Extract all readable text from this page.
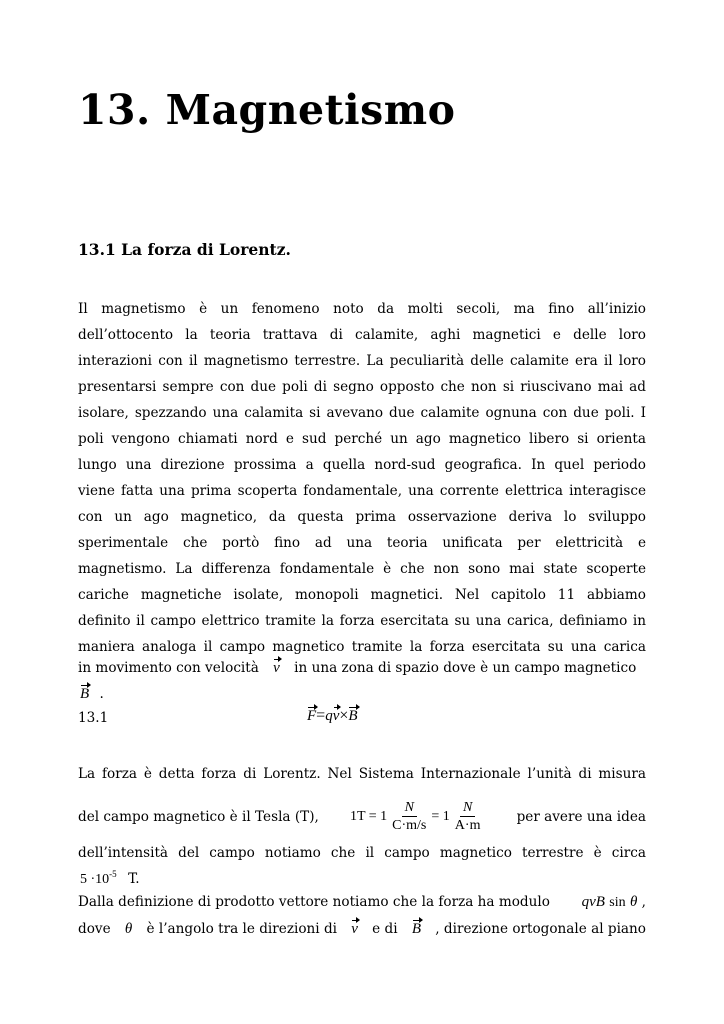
13. Magnetismo
13.1 La forza di Lorentz.
Il magnetismo è un fenomeno noto da molti secoli, ma fino all’inizio
dell’ottocento la teoria trattava di calamite, aghi magnetici e delle loro
interazioni con il magnetismo terrestre. La peculiarità delle calamite era il loro
presentarsi sempre con due poli di segno opposto che non si riuscivano mai ad
isolare, spezzando una calamita si avevano due calamite ognuna con due poli. I
poli vengono chiamati nord e sud perché un ago magnetico libero si orienta
lungo una direzione prossima a quella nord-sud geografica. In quel periodo
viene fatta una prima scoperta fondamentale, una corrente elettrica interagisce
con un ago magnetico, da questa prima osservazione deriva lo sviluppo
sperimentale che portò fino ad una teoria unificata per elettricità e
magnetismo. La differenza fondamentale è che non sono mai state scoperte
cariche magnetiche isolate, monopoli magnetici. Nel capitolo 11 abbiamo
definito il campo elettrico tramite la forza esercitata su una carica, definiamo in
maniera analoga il campo magnetico tramite la forza esercitata su una carica
in movimento con velocità v in una zona di spazio dove è un campo magnetico
B .
13.1	F=qv×B
La forza è detta forza di Lorentz. Nel Sistema Internazionale l’unità di misura
del campo magnetico è il Tesla (T), $1T = 1 \frac{N}{C\cdot m/s} = 1 \frac{N}{A\cdot m}$ per avere una idea
dell’intensità del campo notiamo che il campo magnetico terrestre è circa
$5 \cdot 10^{-5}$ T.
Dalla definizione di prodotto vettore notiamo che la forza ha modulo qvB sin θ ,
dove θ è l’angolo tra le direzioni di v e di B , direzione ortogonale al piano
